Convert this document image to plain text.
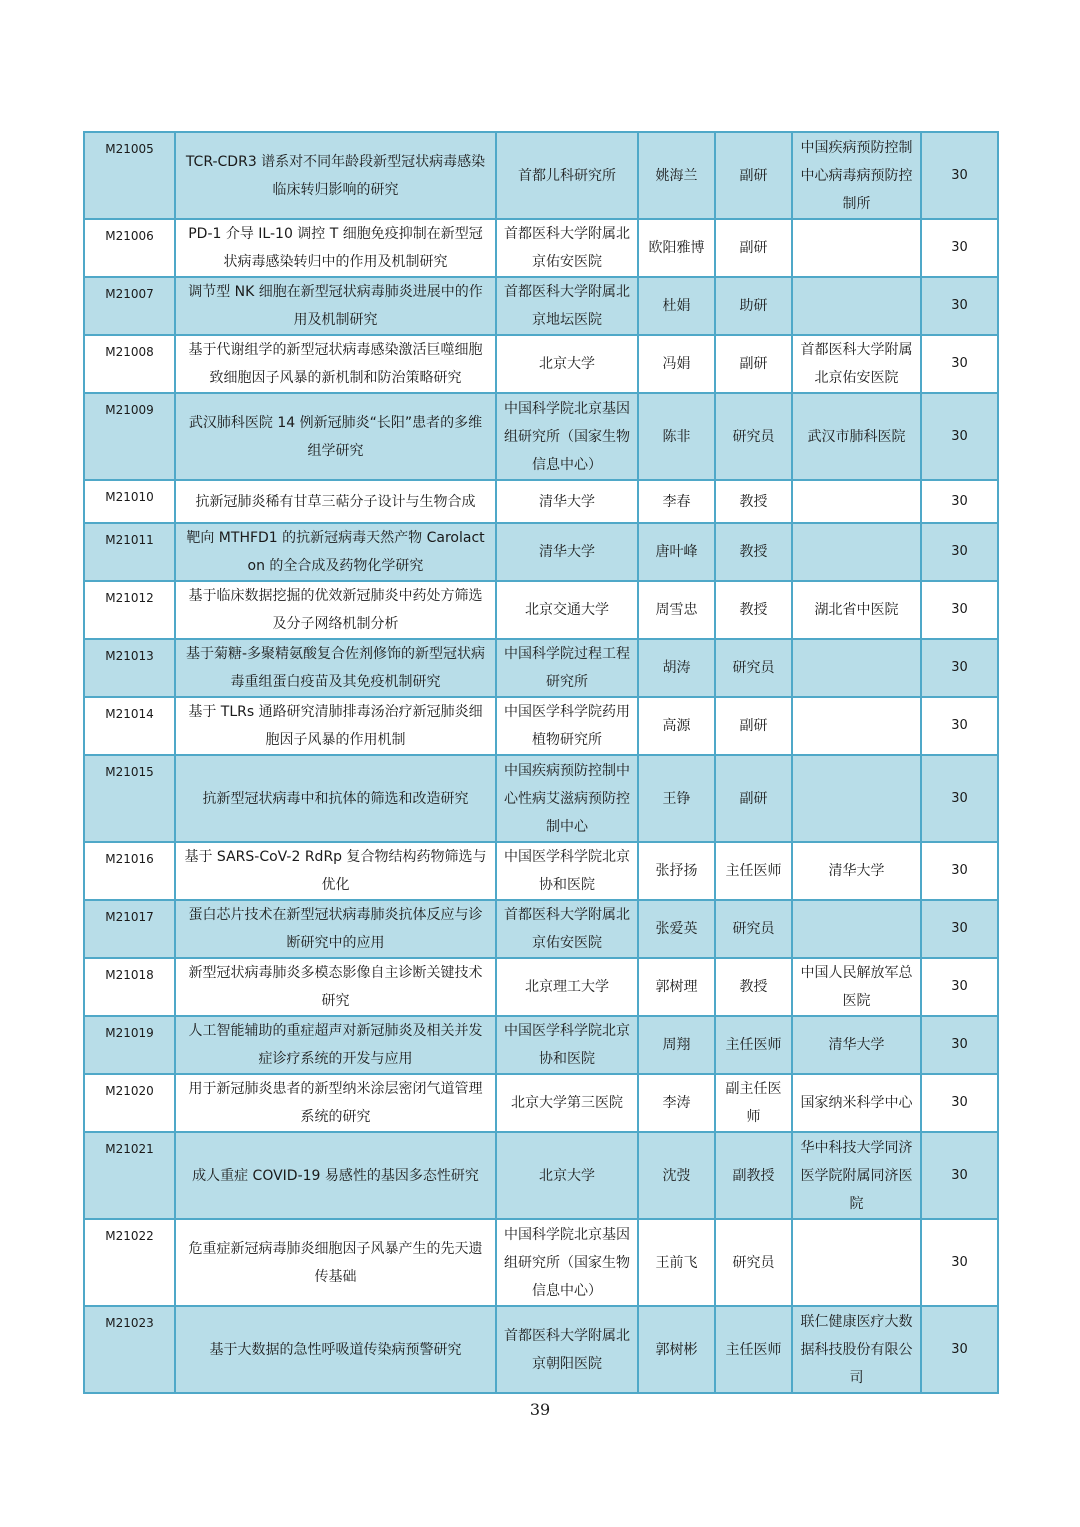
M21005	TCR-CDR3 谱系对不同年龄段新型冠状病毒感染临床转归影响的研究	首都儿科研究所	姚海兰	副研	中国疾病预防控制中心病毒病预防控制所	30
M21006	PD-1 介导 IL-10 调控 T 细胞免疫抑制在新型冠状病毒感染转归中的作用及机制研究	首都医科大学附属北京佑安医院	欧阳雅博	副研		30
M21007	调节型 NK 细胞在新型冠状病毒肺炎进展中的作用及机制研究	首都医科大学附属北京地坛医院	杜娟	助研		30
M21008	基于代谢组学的新型冠状病毒感染激活巨噬细胞致细胞因子风暴的新机制和防治策略研究	北京大学	冯娟	副研	首都医科大学附属北京佑安医院	30
M21009	武汉肺科医院 14 例新冠肺炎“长阳”患者的多维组学研究	中国科学院北京基因组研究所（国家生物信息中心）	陈非	研究员	武汉市肺科医院	30
M21010	抗新冠肺炎稀有甘草三萜分子设计与生物合成	清华大学	李春	教授		30
M21011	靶向 MTHFD1 的抗新冠病毒天然产物 Carolacton 的全合成及药物化学研究	清华大学	唐叶峰	教授		30
M21012	基于临床数据挖掘的优效新冠肺炎中药处方筛选及分子网络机制分析	北京交通大学	周雪忠	教授	湖北省中医院	30
M21013	基于菊糖-多聚精氨酸复合佐剂修饰的新型冠状病毒重组蛋白疫苗及其免疫机制研究	中国科学院过程工程研究所	胡涛	研究员		30
M21014	基于 TLRs 通路研究清肺排毒汤治疗新冠肺炎细胞因子风暴的作用机制	中国医学科学院药用植物研究所	高源	副研		30
M21015	抗新型冠状病毒中和抗体的筛选和改造研究	中国疾病预防控制中心性病艾滋病预防控制中心	王铮	副研		30
M21016	基于 SARS-CoV-2 RdRp 复合物结构药物筛选与优化	中国医学科学院北京协和医院	张抒扬	主任医师	清华大学	30
M21017	蛋白芯片技术在新型冠状病毒肺炎抗体反应与诊断研究中的应用	首都医科大学附属北京佑安医院	张爱英	研究员		30
M21018	新型冠状病毒肺炎多模态影像自主诊断关键技术研究	北京理工大学	郭树理	教授	中国人民解放军总医院	30
M21019	人工智能辅助的重症超声对新冠肺炎及相关并发症诊疗系统的开发与应用	中国医学科学院北京协和医院	周翔	主任医师	清华大学	30
M21020	用于新冠肺炎患者的新型纳米涂层密闭气道管理系统的研究	北京大学第三医院	李涛	副主任医师	国家纳米科学中心	30
M21021	成人重症 COVID-19 易感性的基因多态性研究	北京大学	沈弢	副教授	华中科技大学同济医学院附属同济医院	30
M21022	危重症新冠病毒肺炎细胞因子风暴产生的先天遗传基础	中国科学院北京基因组研究所（国家生物信息中心）	王前飞	研究员		30
M21023	基于大数据的急性呼吸道传染病预警研究	首都医科大学附属北京朝阳医院	郭树彬	主任医师	联仁健康医疗大数据科技股份有限公司	30
39
